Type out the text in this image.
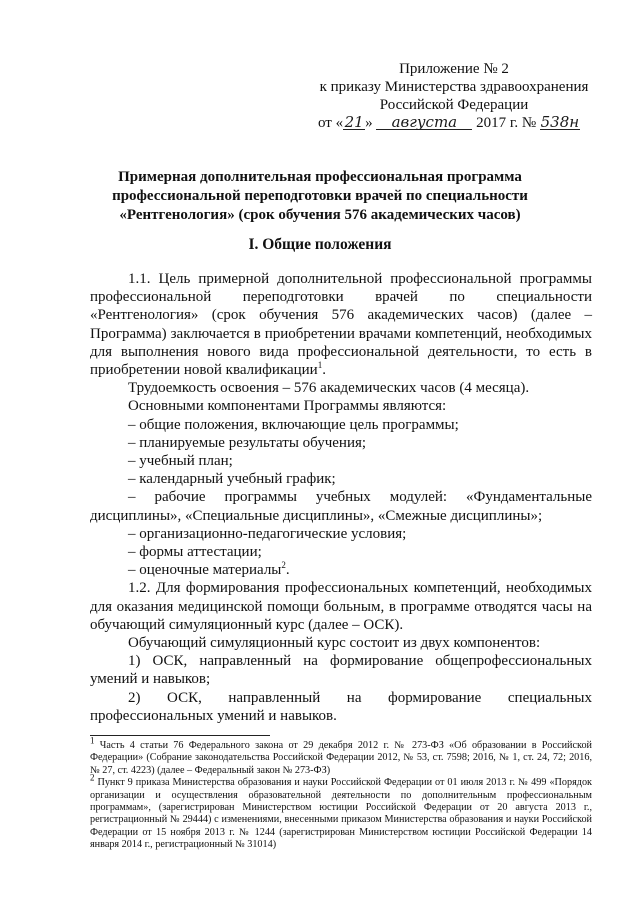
Приложение № 2
к приказу Министерства здравоохранения
Российской Федерации
от «21» августа 2017 г. № 538н
Примерная дополнительная профессиональная программа
профессиональной переподготовки врачей по специальности
«Рентгенология» (срок обучения 576 академических часов)
I. Общие положения

1.1. Цель примерной дополнительной профессиональной программы профессиональной переподготовки врачей по специальности «Рентгенология» (срок обучения 576 академических часов) (далее – Программа) заключается в приобретении врачами компетенций, необходимых для выполнения нового вида профессиональной деятельности, то есть в приобретении новой квалификации$^1$.

Трудоемкость освоения – 576 академических часов (4 месяца).

Основными компонентами Программы являются:

– общие положения, включающие цель программы;

– планируемые результаты обучения;

– учебный план;

– календарный учебный график;

– рабочие программы учебных модулей: «Фундаментальные дисциплины», «Специальные дисциплины», «Смежные дисциплины»;

– организационно-педагогические условия;

– формы аттестации;

– оценочные материалы$^2$.

1.2. Для формирования профессиональных компетенций, необходимых для оказания медицинской помощи больным, в программе отводятся часы на обучающий симуляционный курс (далее – ОСК).

Обучающий симуляционный курс состоит из двух компонентов:

1) ОСК, направленный на формирование общепрофессиональных умений и навыков;

2) ОСК, направленный на формирование специальных профессиональных умений и навыков.

$^1$ Часть 4 статьи 76 Федерального закона от 29 декабря 2012 г. № 273-ФЗ «Об образовании в Российской Федерации» (Собрание законодательства Российской Федерации 2012, № 53, ст. 7598; 2016, № 1, ст. 24, 72; 2016, № 27, ст. 4223) (далее – Федеральный закон № 273-ФЗ)

$^2$ Пункт 9 приказа Министерства образования и науки Российской Федерации от 01 июля 2013 г. № 499 «Порядок организации и осуществления образовательной деятельности по дополнительным профессиональным программам», (зарегистрирован Министерством юстиции Российской Федерации от 20 августа 2013 г., регистрационный № 29444) с изменениями, внесенными приказом Министерства образования и науки Российской Федерации от 15 ноября 2013 г. № 1244 (зарегистрирован Министерством юстиции Российской Федерации 14 января 2014 г., регистрационный № 31014)
